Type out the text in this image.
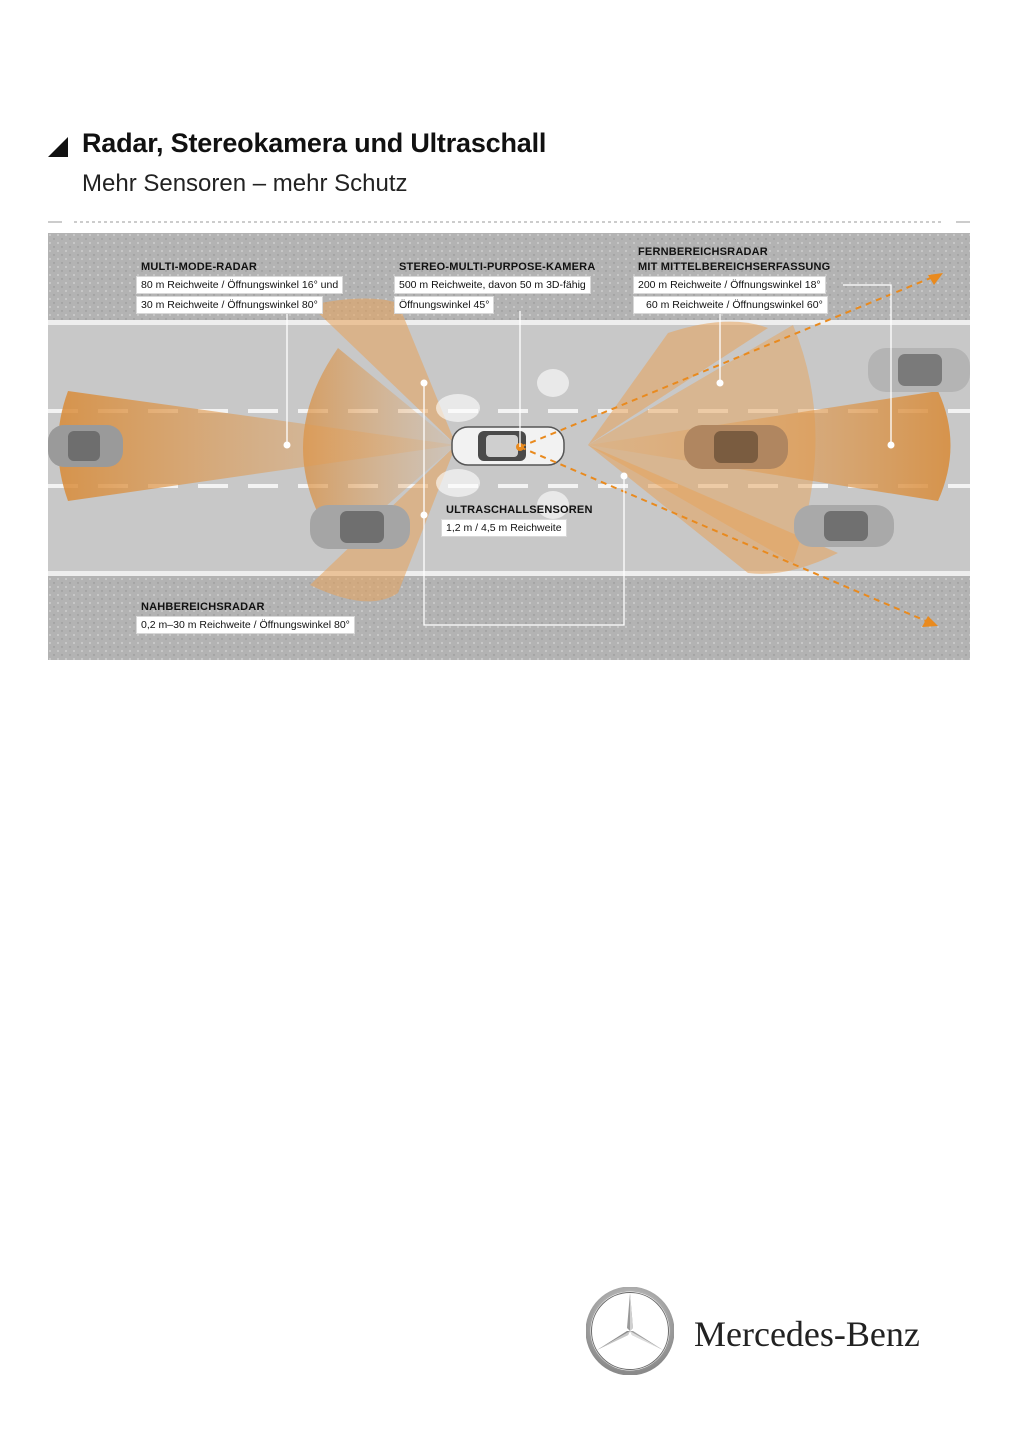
Radar, Stereokamera und Ultraschall
Mehr Sensoren – mehr Schutz
MULTI-MODE-RADAR
80 m Reichweite / Öffnungswinkel 16° und
30 m Reichweite / Öffnungswinkel 80°
STEREO-MULTI-PURPOSE-KAMERA
500 m Reichweite, davon 50 m 3D-fähig
Öffnungswinkel 45°
FERNBEREICHSRADAR
MIT MITTELBEREICHSERFASSUNG
200 m Reichweite / Öffnungswinkel 18°
60 m Reichweite / Öffnungswinkel 60°
ULTRASCHALLSENSOREN
1,2 m / 4,5 m Reichweite
NAHBEREICHSRADAR
0,2 m–30 m Reichweite / Öffnungswinkel 80°
Mercedes-Benz
